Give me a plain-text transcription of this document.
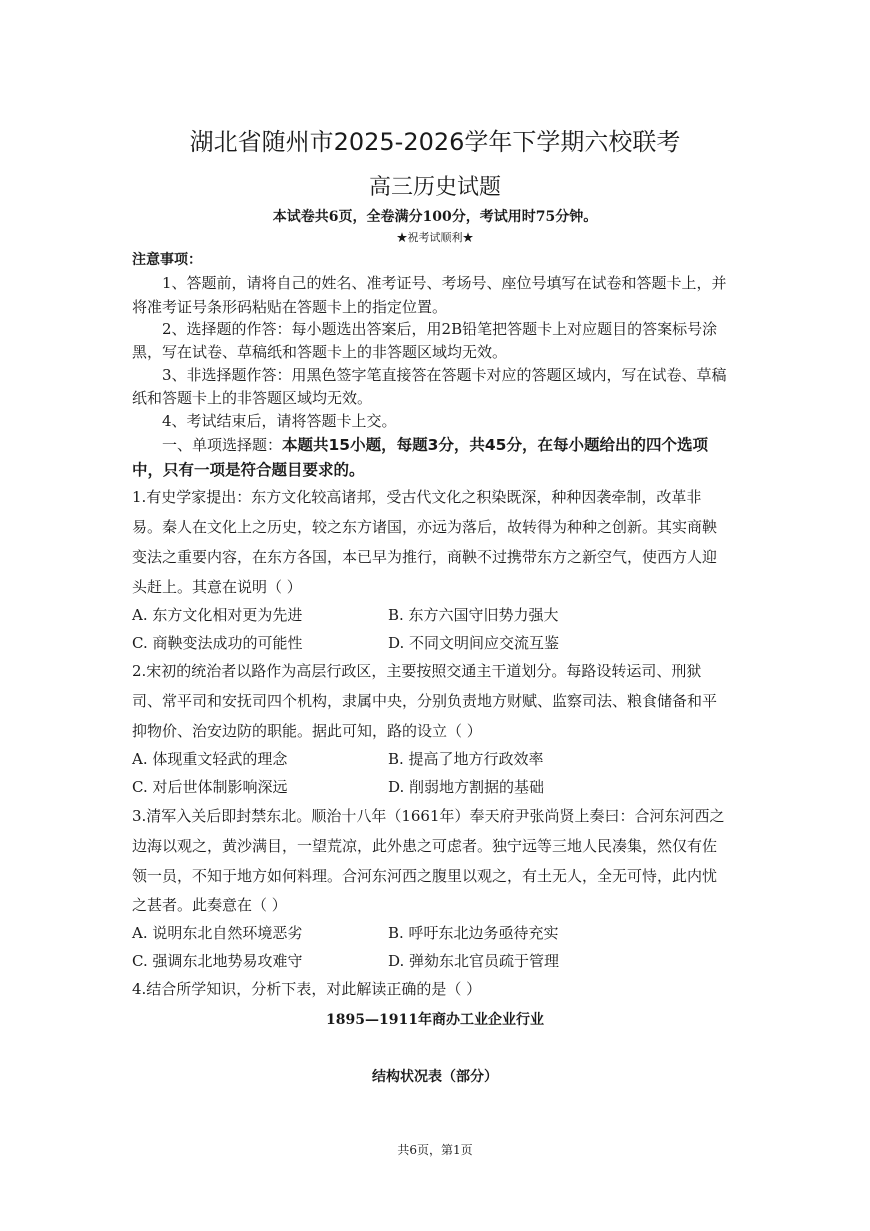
湖北省随州市2025-2026学年下学期六校联考
高三历史试题
本试卷共6页，全卷满分100分，考试用时75分钟。
★祝考试顺利★
注意事项：
1、答题前，请将自己的姓名、准考证号、考场号、座位号填写在试卷和答题卡上，并
将准考证号条形码粘贴在答题卡上的指定位置。
2、选择题的作答：每小题选出答案后，用2B铅笔把答题卡上对应题目的答案标号涂
黑，写在试卷、草稿纸和答题卡上的非答题区域均无效。
3、非选择题作答：用黑色签字笔直接答在答题卡对应的答题区域内，写在试卷、草稿
纸和答题卡上的非答题区域均无效。
4、考试结束后，请将答题卡上交。
一、单项选择题：本题共15小题，每题3分，共45分，在每小题给出的四个选项
中，只有一项是符合题目要求的。
1.有史学家提出：东方文化较高诸邦，受古代文化之积染既深，种种因袭牵制，改革非
易。秦人在文化上之历史，较之东方诸国，亦远为落后，故转得为种种之创新。其实商鞅
变法之重要内容，在东方各国，本已早为推行，商鞅不过携带东方之新空气，使西方人迎
头赶上。其意在说明（ ）
A. 东方文化相对更为先进	B. 东方六国守旧势力强大
C. 商鞅变法成功的可能性	D. 不同文明间应交流互鉴
2.宋初的统治者以路作为高层行政区，主要按照交通主干道划分。每路设转运司、刑狱
司、常平司和安抚司四个机构，隶属中央，分别负责地方财赋、监察司法、粮食储备和平
抑物价、治安边防的职能。据此可知，路的设立（ ）
A. 体现重文轻武的理念	B. 提高了地方行政效率
C. 对后世体制影响深远	D. 削弱地方割据的基础
3.清军入关后即封禁东北。顺治十八年（1661年）奉天府尹张尚贤上奏曰：合河东河西之
边海以观之，黄沙满目，一望荒凉，此外患之可虑者。独宁远等三地人民凑集，然仅有佐
领一员，不知于地方如何料理。合河东河西之腹里以观之，有土无人，全无可恃，此内忧
之甚者。此奏意在（ ）
A. 说明东北自然环境恶劣	B. 呼吁东北边务亟待充实
C. 强调东北地势易攻难守	D. 弹劾东北官员疏于管理
4.结合所学知识，分析下表，对此解读正确的是（ ）
1895—1911年商办工业企业行业
结构状况表（部分）
共6页，第1页
